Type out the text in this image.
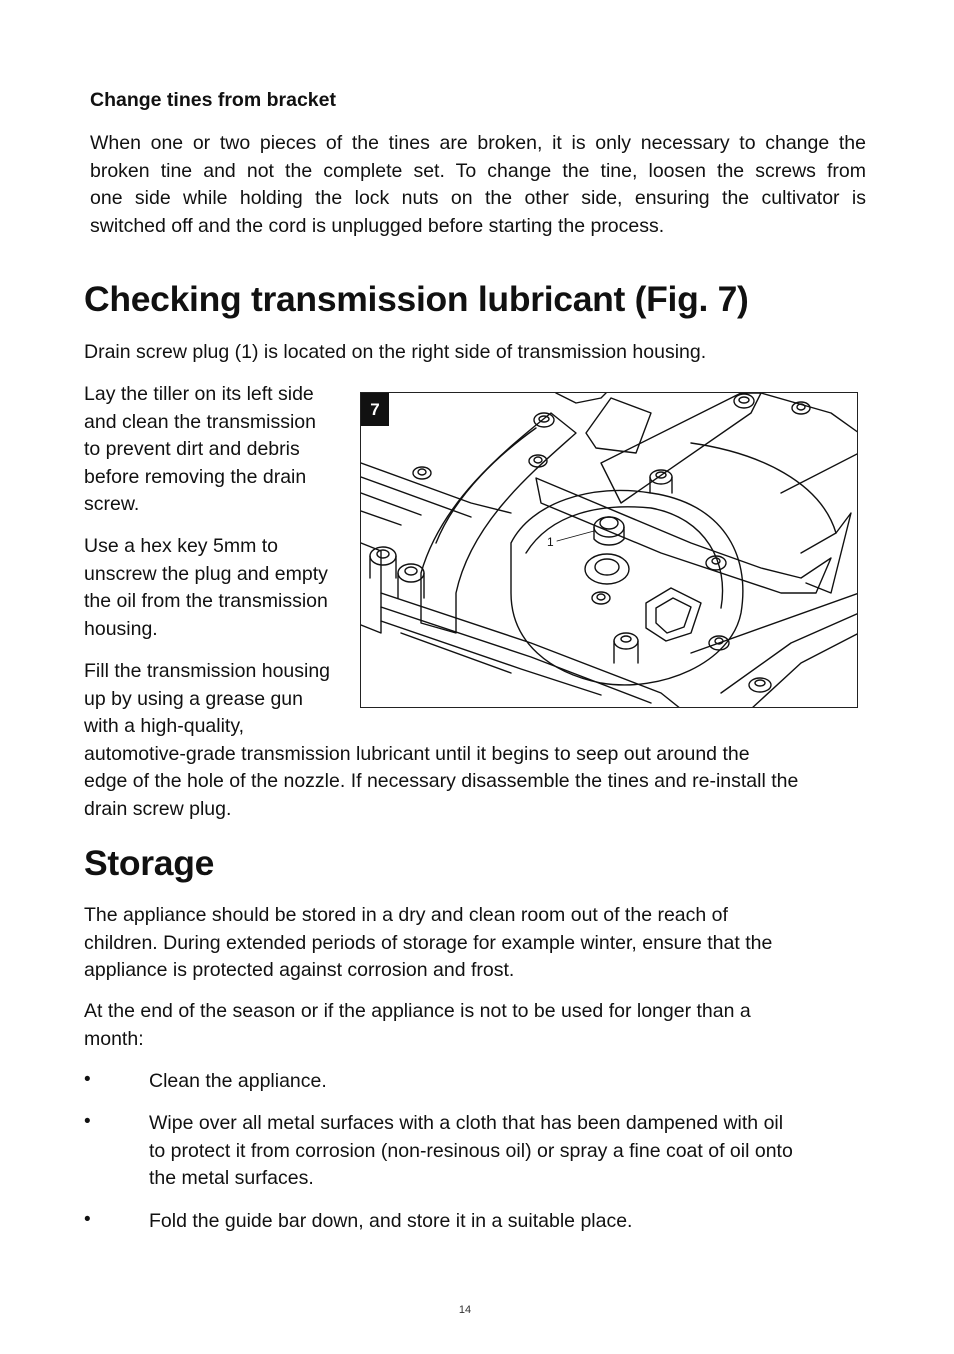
Change tines from bracket

When one or two pieces of the tines are broken, it is only necessary to change the
broken tine and not the complete set. To change the tine, loosen the screws from
one side while holding the lock nuts on the other side, ensuring the cultivator is
switched off and the cord is unplugged before starting the process.

Checking transmission lubricant (Fig. 7)

Drain screw plug (1) is located on the right side of transmission housing.

Lay the tiller on its left side
and clean the transmission
to prevent dirt and debris
before removing the drain
screw.

Use a hex key 5mm to
unscrew the plug and empty
the oil from the transmission
housing.

Fill the transmission housing
up by using a grease gun
with a high-quality,
automotive-grade transmission lubricant until it begins to seep out around the
edge of the hole of the nozzle. If necessary disassemble the tines and re-install the
drain screw plug.

1
7
Storage

The appliance should be stored in a dry and clean room out of the reach of
children. During extended periods of storage for example winter, ensure that the
appliance is protected against corrosion and frost.

At the end of the season or if the appliance is not to be used for longer than a
month:

•	Clean the appliance.

•	Wipe over all metal surfaces with a cloth that has been dampened with oil
to protect it from corrosion (non-resinous oil) or spray a fine coat of oil onto
the metal surfaces.

•	Fold the guide bar down, and store it in a suitable place.

14
